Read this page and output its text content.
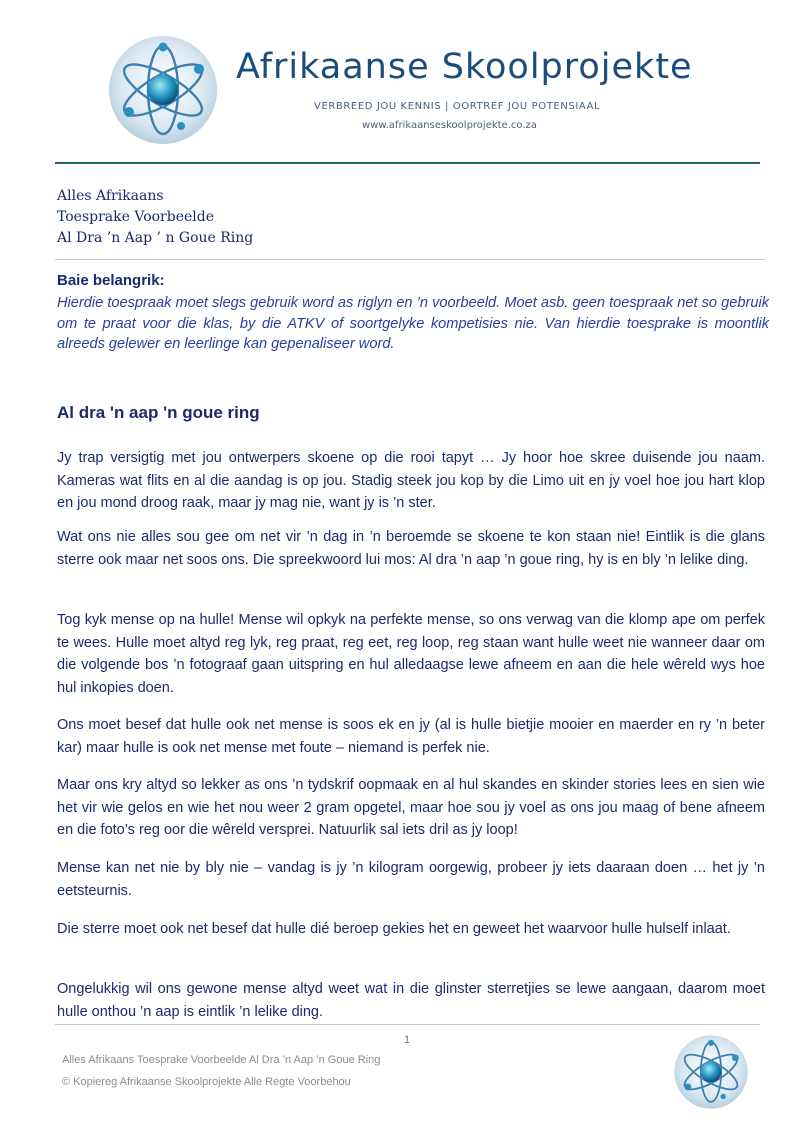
Afrikaanse Skoolprojekte
VERBREED JOU KENNIS | OORTREF JOU POTENSIAAL
www.afrikaanseskoolprojekte.co.za
Alles Afrikaans
Toesprake Voorbeelde
Al Dra ’n Aap ’ n Goue Ring
Baie belangrik:
Hierdie toespraak moet slegs gebruik word as riglyn en ’n voorbeeld. Moet asb. geen toespraak net so gebruik om te praat voor die klas, by die ATKV of soortgelyke kompetisies nie. Van hierdie toesprake is moontlik alreeds gelewer en leerlinge kan gepenaliseer word.
Al dra 'n aap 'n goue ring
Jy trap versigtig met jou ontwerpers skoene op die rooi tapyt … Jy hoor hoe skree duisende jou naam. Kameras wat flits en al die aandag is op jou. Stadig steek jou kop by die Limo uit en jy voel hoe jou hart klop en jou mond droog raak, maar jy mag nie, want jy is ’n ster.
Wat ons nie alles sou gee om net vir ’n dag in ’n beroemde se skoene te kon staan nie! Eintlik is die glans sterre ook maar net soos ons. Die spreekwoord lui mos: Al dra ’n aap ’n goue ring, hy is en bly ’n lelike ding.
Tog kyk mense op na hulle! Mense wil opkyk na perfekte mense, so ons verwag van die klomp ape om perfek te wees. Hulle moet altyd reg lyk, reg praat, reg eet, reg loop, reg staan want hulle weet nie wanneer daar om die volgende bos ’n fotograaf gaan uitspring en hul alledaagse lewe afneem en aan die hele wêreld wys hoe hul inkopies doen.
Ons moet besef dat hulle ook net mense is soos ek en jy (al is hulle bietjie mooier en maerder en ry ’n beter kar) maar hulle is ook net mense met foute – niemand is perfek nie.
Maar ons kry altyd so lekker as ons ’n tydskrif oopmaak en al hul skandes en skinder stories lees en sien wie het vir wie gelos en wie het nou weer 2 gram opgetel, maar hoe sou jy voel as ons jou maag of bene afneem en die foto’s reg oor die wêreld versprei. Natuurlik sal iets dril as jy loop!
Mense kan net nie by bly nie – vandag is jy ’n kilogram oorgewig, probeer jy iets daaraan doen … het jy ’n eetsteurnis.
Die sterre moet ook net besef dat hulle dié beroep gekies het en geweet het waarvoor hulle hulself inlaat.
Ongelukkig wil ons gewone mense altyd weet wat in die glinster sterretjies se lewe aangaan, daarom moet hulle onthou ’n aap is eintlik ’n lelike ding.
1
Alles Afrikaans Toesprake Voorbeelde Al Dra ’n Aap ’n Goue Ring
© Kopiereg Afrikaanse Skoolprojekte Alle Regte Voorbehou
